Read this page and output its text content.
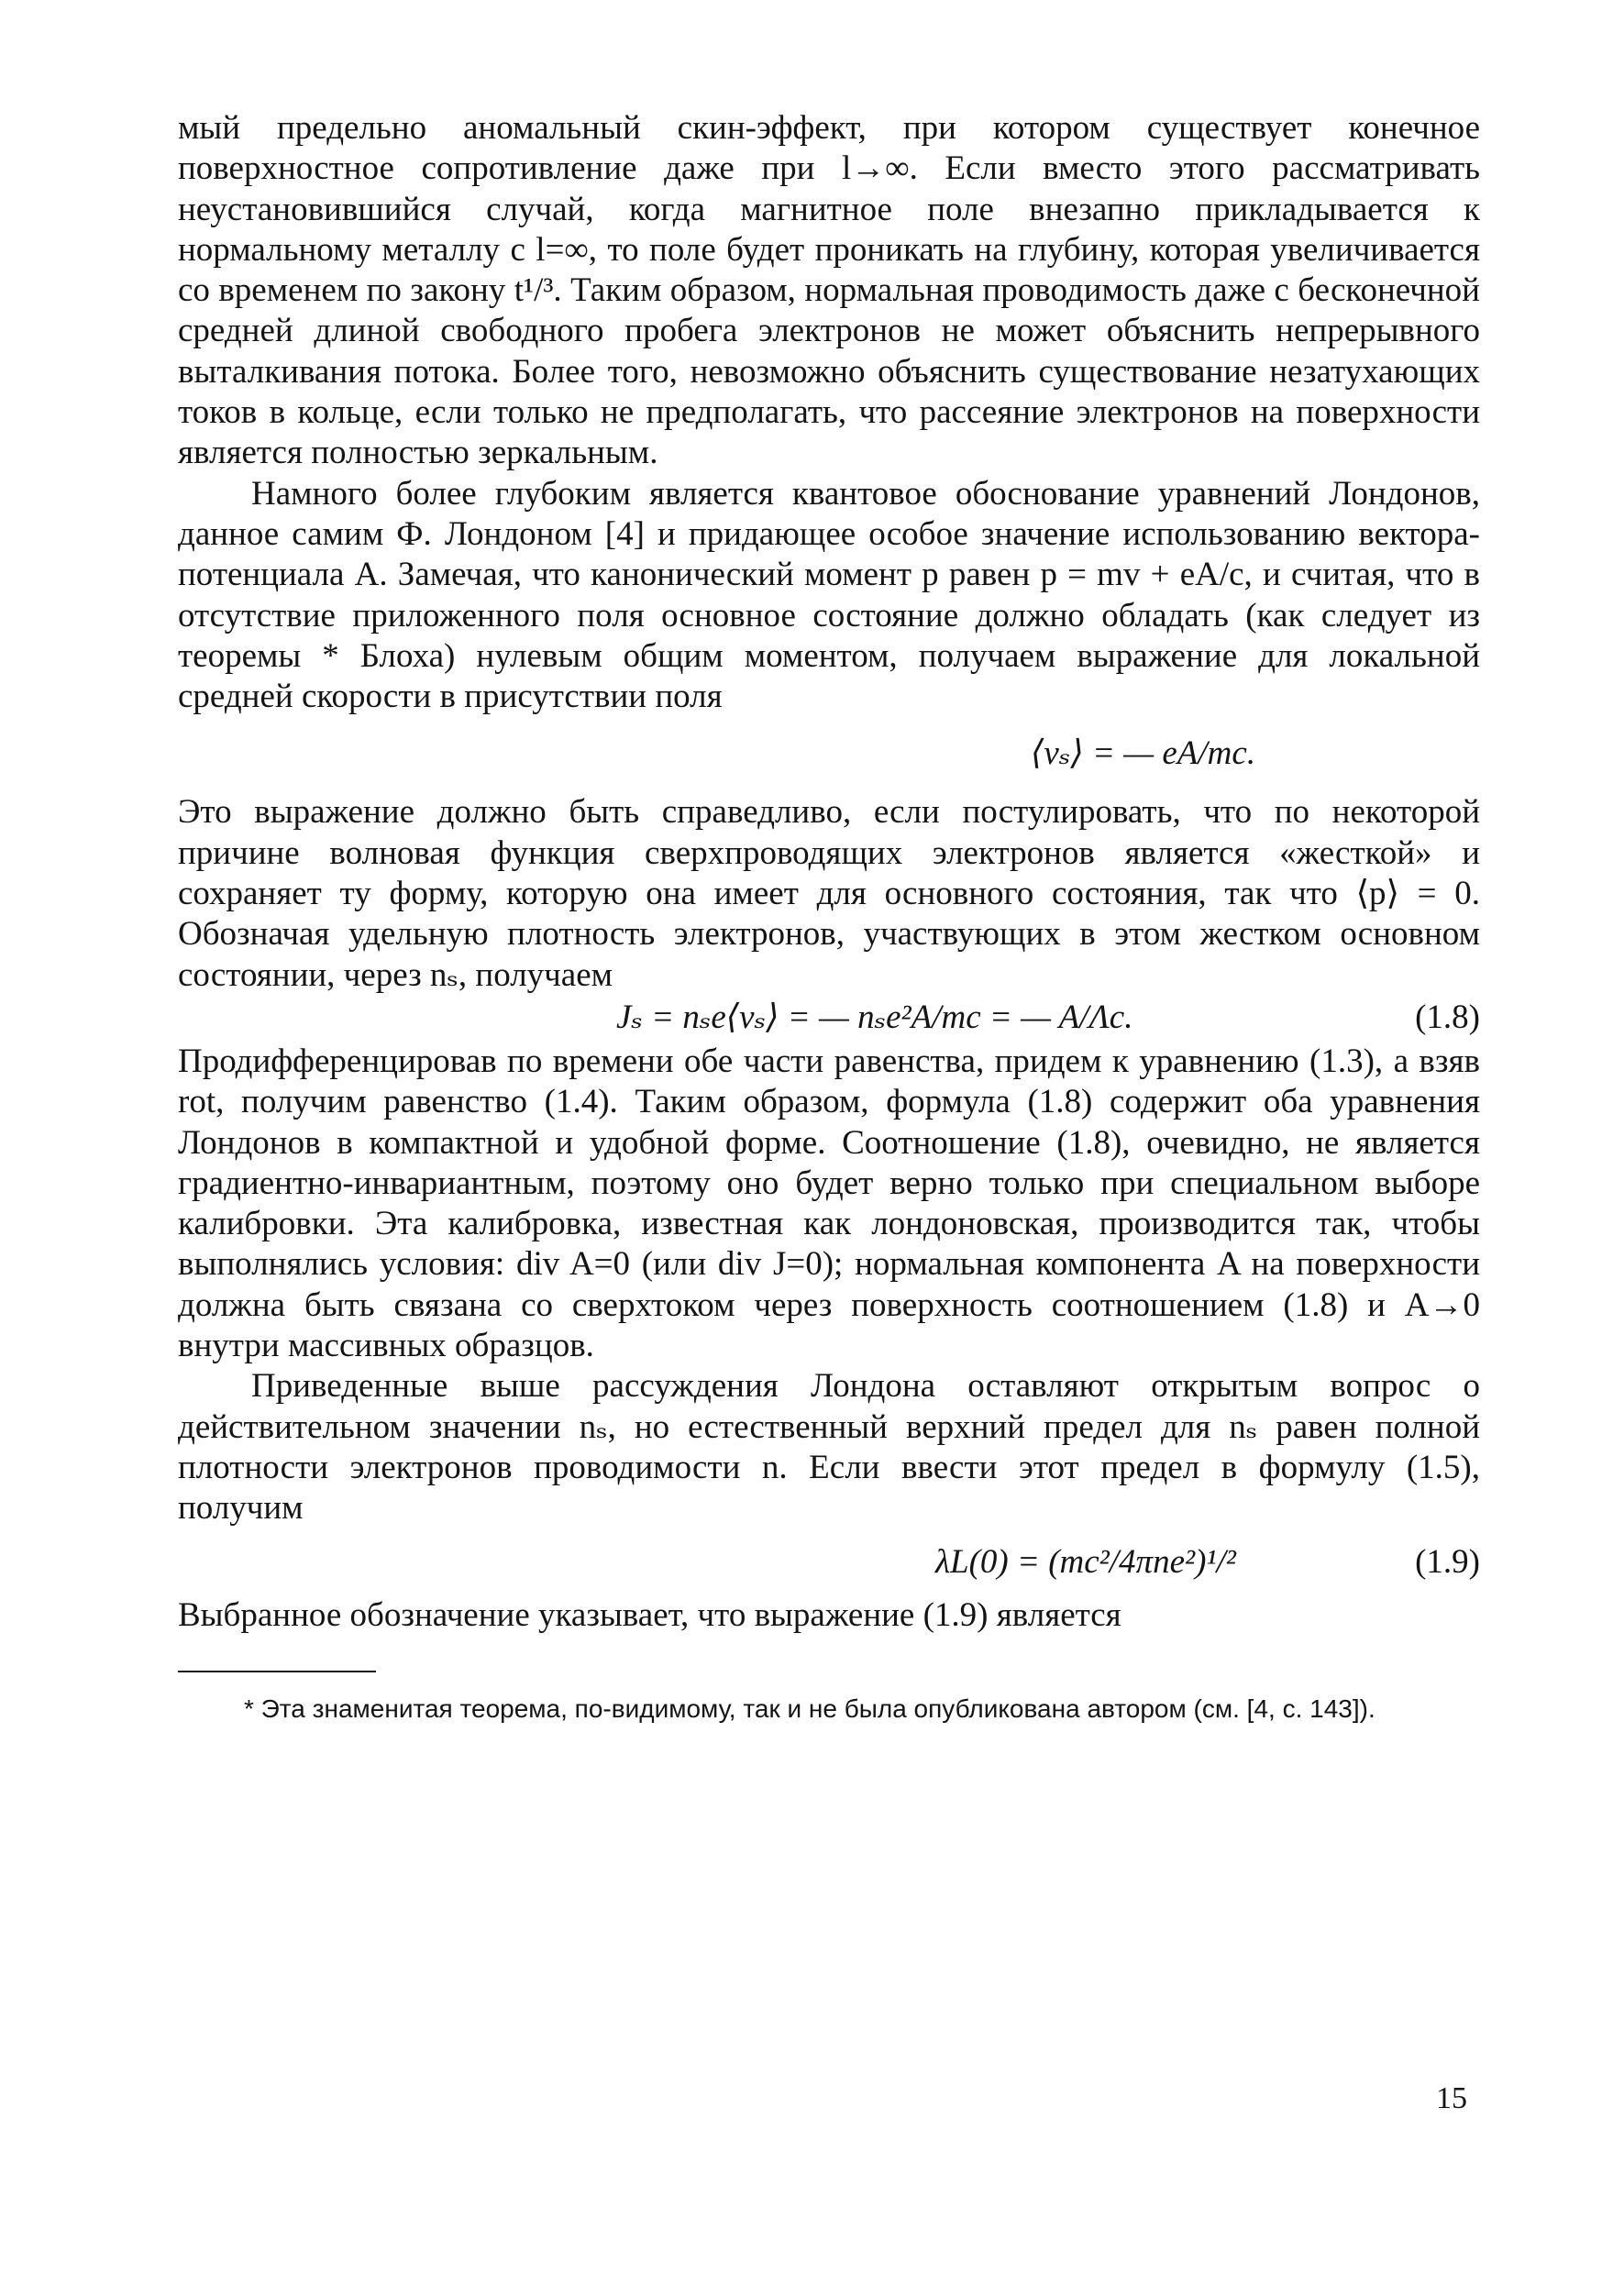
мый предельно аномальный скин-эффект, при котором существует конечное поверхностное сопротивление даже при l→∞. Если вместо этого рассматривать неустановившийся случай, когда магнитное поле внезапно прикладывается к нормальному металлу с l=∞, то поле будет проникать на глубину, которая увеличивается со временем по закону t¹/³. Таким образом, нормальная проводимость даже с бесконечной средней длиной свободного пробега электронов не может объяснить непрерывного выталкивания потока. Более того, невозможно объяснить существование незатухающих токов в кольце, если только не предполагать, что рассеяние электронов на поверхности является полностью зеркальным.

Намного более глубоким является квантовое обоснование уравнений Лондонов, данное самим Ф. Лондоном [4] и придающее особое значение использованию вектора-потенциала A. Замечая, что канонический момент p равен p = mv + eA/c, и считая, что в отсутствие приложенного поля основное состояние должно обладать (как следует из теоремы * Блоха) нулевым общим моментом, получаем выражение для локальной средней скорости в присутствии поля

⟨vₛ⟩ = — eA/mc.

Это выражение должно быть справедливо, если постулировать, что по некоторой причине волновая функция сверхпроводящих электронов является «жесткой» и сохраняет ту форму, которую она имеет для основного состояния, так что ⟨p⟩ = 0. Обозначая удельную плотность электронов, участвующих в этом жестком основном состоянии, через nₛ, получаем

Jₛ = nₛe⟨vₛ⟩ = — nₛe²A/mc = — A/Λc.	(1.8)

Продифференцировав по времени обе части равенства, придем к уравнению (1.3), а взяв rot, получим равенство (1.4). Таким образом, формула (1.8) содержит оба уравнения Лондонов в компактной и удобной форме. Соотношение (1.8), очевидно, не является градиентно-инвариантным, поэтому оно будет верно только при специальном выборе калибровки. Эта калибровка, известная как лондоновская, производится так, чтобы выполнялись условия: div A=0 (или div J=0); нормальная компонента A на поверхности должна быть связана со сверхтоком через поверхность соотношением (1.8) и A→0 внутри массивных образцов.

Приведенные выше рассуждения Лондона оставляют открытым вопрос о действительном значении nₛ, но естественный верхний предел для nₛ равен полной плотности электронов проводимости n. Если ввести этот предел в формулу (1.5), получим

λL(0) = (mc²/4πne²)¹/²	(1.9)

Выбранное обозначение указывает, что выражение (1.9) является

* Эта знаменитая теорема, по-видимому, так и не была опубликована автором (см. [4, с. 143]).

15
